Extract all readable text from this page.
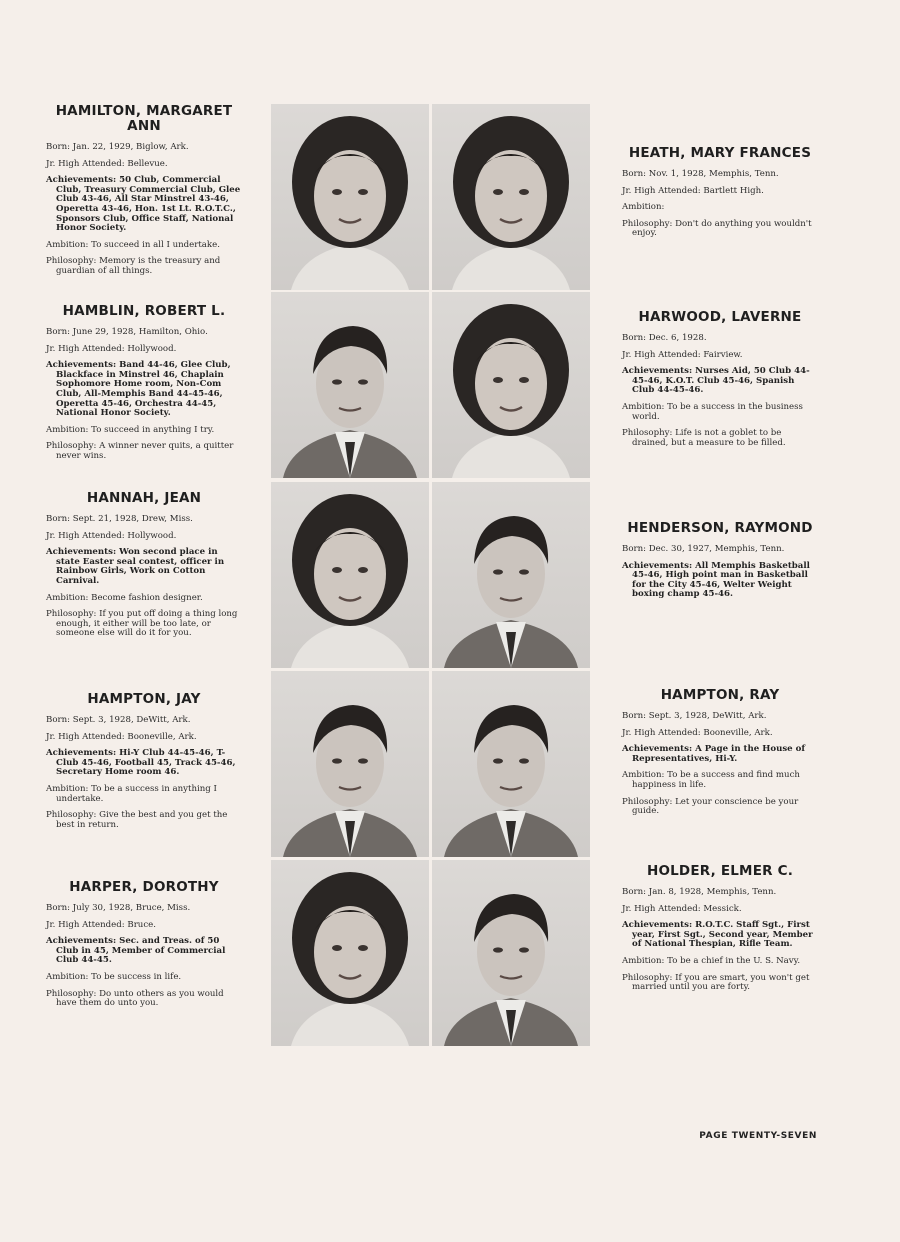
HAMILTON, MARGARET ANN

Born: Jan. 22, 1929, Biglow, Ark.

Jr. High Attended: Bellevue.

Achievements: 50 Club, Commercial Club, Treasury Commercial Club, Glee Club 43-46, All Star Minstrel 43-46, Operetta 43-46, Hon. 1st Lt. R.O.T.C., Sponsors Club, Office Staff, National Honor Society.

Ambition: To succeed in all I undertake.

Philosophy: Memory is the treasury and guardian of all things.

HAMBLIN, ROBERT L.

Born: June 29, 1928, Hamilton, Ohio.

Jr. High Attended: Hollywood.

Achievements: Band 44-46, Glee Club, Blackface in Minstrel 46, Chaplain Sophomore Home room, Non-Com Club, All-Memphis Band 44-45-46, Operetta 45-46, Orchestra 44-45, National Honor Society.

Ambition: To succeed in anything I try.

Philosophy: A winner never quits, a quitter never wins.

HANNAH, JEAN

Born: Sept. 21, 1928, Drew, Miss.

Jr. High Attended: Hollywood.

Achievements: Won second place in state Easter seal contest, officer in Rainbow Girls, Work on Cotton Carnival.

Ambition: Become fashion designer.

Philosophy: If you put off doing a thing long enough, it either will be too late, or someone else will do it for you.

HAMPTON, JAY

Born: Sept. 3, 1928, DeWitt, Ark.

Jr. High Attended: Booneville, Ark.

Achievements: Hi-Y Club 44-45-46, T-Club 45-46, Football 45, Track 45-46, Secretary Home room 46.

Ambition: To be a success in anything I undertake.

Philosophy: Give the best and you get the best in return.

HARPER, DOROTHY

Born: July 30, 1928, Bruce, Miss.

Jr. High Attended: Bruce.

Achievements: Sec. and Treas. of 50 Club in 45, Member of Commercial Club 44-45.

Ambition: To be success in life.

Philosophy: Do unto others as you would have them do unto you.

HEATH, MARY FRANCES

Born: Nov. 1, 1928, Memphis, Tenn.

Jr. High Attended: Bartlett High.

Ambition:

Philosophy: Don't do anything you wouldn't enjoy.

HARWOOD, LAVERNE

Born: Dec. 6, 1928.

Jr. High Attended: Fairview.

Achievements: Nurses Aid, 50 Club 44-45-46, K.O.T. Club 45-46, Spanish Club 44-45-46.

Ambition: To be a success in the business world.

Philosophy: Life is not a goblet to be drained, but a measure to be filled.

HENDERSON, RAYMOND

Born: Dec. 30, 1927, Memphis, Tenn.

Achievements: All Memphis Basketball 45-46, High point man in Basketball for the City 45-46, Welter Weight boxing champ 45-46.

HAMPTON, RAY

Born: Sept. 3, 1928, DeWitt, Ark.

Jr. High Attended: Booneville, Ark.

Achievements: A Page in the House of Representatives, Hi-Y.

Ambition: To be a success and find much happiness in life.

Philosophy: Let your conscience be your guide.

HOLDER, ELMER C.

Born: Jan. 8, 1928, Memphis, Tenn.

Jr. High Attended: Messick.

Achievements: R.O.T.C. Staff Sgt., First year, First Sgt., Second year, Member of National Thespian, Rifle Team.

Ambition: To be a chief in the U. S. Navy.

Philosophy: If you are smart, you won't get married until you are forty.

PAGE TWENTY-SEVEN
